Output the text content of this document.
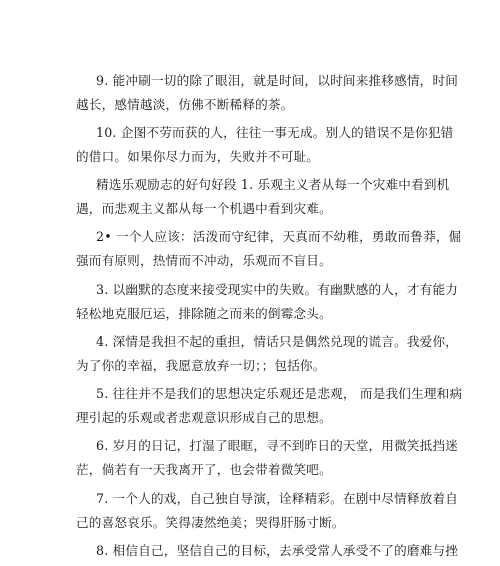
9. 能冲刷一切的除了眼泪，就是时间，以时间来推移感情，时间
越长，感情越淡，仿佛不断稀释的茶。
10. 企图不劳而获的人，往往一事无成。别人的错误不是你犯错
的借口。如果你尽力而为，失败并不可耻。
精选乐观励志的好句好段 1. 乐观主义者从每一个灾难中看到机
遇，而悲观主义都从每一个机遇中看到灾难。
2• 一个人应该：活泼而守纪律，天真而不幼稚，勇敢而鲁莽，倔
强而有原则，热情而不冲动，乐观而不盲目。
3. 以幽默的态度来接受现实中的失败。有幽默感的人，才有能力
轻松地克服厄运，排除随之而来的倒霉念头。
4. 深情是我担不起的重担，情话只是偶然兑现的谎言。我爱你，
为了你的幸福，我愿意放弃一切；；包括你。
5. 往往并不是我们的思想决定乐观还是悲观， 而是我们生理和病
理引起的乐观或者悲观意识形成自己的思想。
6. 岁月的日记，打湿了眼眶，寻不到昨日的天堂，用微笑抵挡迷
茫，倘若有一天我离开了，也会带着微笑吧。
7. 一个人的戏，自己独自导演，诠释精彩。在剧中尽情释放着自
己的喜怒哀乐。笑得凄然绝美；哭得肝肠寸断。
8. 相信自己，坚信自己的目标，去承受常人承受不了的磨难与挫
